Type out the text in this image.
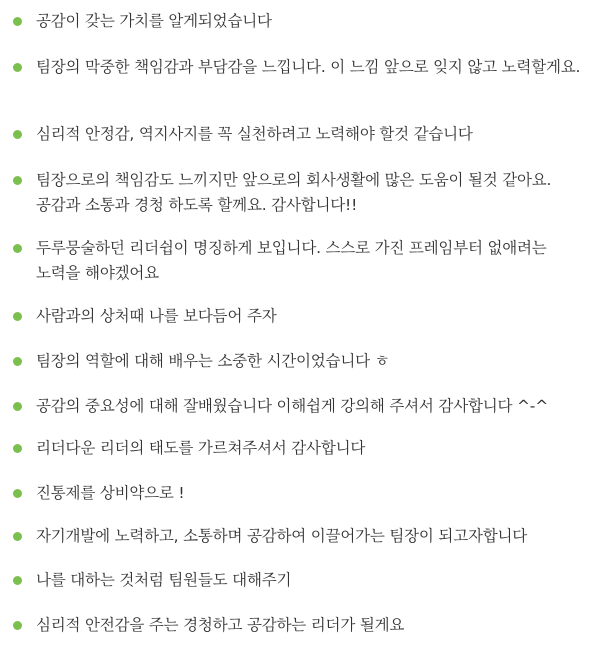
공감이 갖는 가치를 알게되었습니다
팀장의 막중한 책임감과 부담감을 느낍니다. 이 느낌 앞으로 잊지 않고 노력할게요.
심리적 안정감, 역지사지를 꼭 실천하려고 노력해야 할것 같습니다
팀장으로의 책임감도 느끼지만 앞으로의 회사생활에 많은 도움이 될것 같아요. 공감과 소통과 경청 하도록 할께요. 감사합니다!!
두루뭉술하던 리더쉽이 명징하게 보입니다. 스스로 가진 프레임부터 없애려는 노력을 해야겠어요
사람과의 상처때 나를 보다듬어 주자
팀장의 역할에 대해 배우는 소중한 시간이었습니다 ㅎ
공감의 중요성에 대해 잘배웠습니다 이해쉽게 강의해 주셔서 감사합니다 ^-^
리더다운 리더의 태도를 가르쳐주셔서 감사합니다
진통제를 상비약으로 !
자기개발에 노력하고, 소통하며 공감하여 이끌어가는 팀장이 되고자합니다
나를 대하는 것처럼 팀원들도 대해주기
심리적 안전감을 주는 경청하고 공감하는 리더가 될게요
